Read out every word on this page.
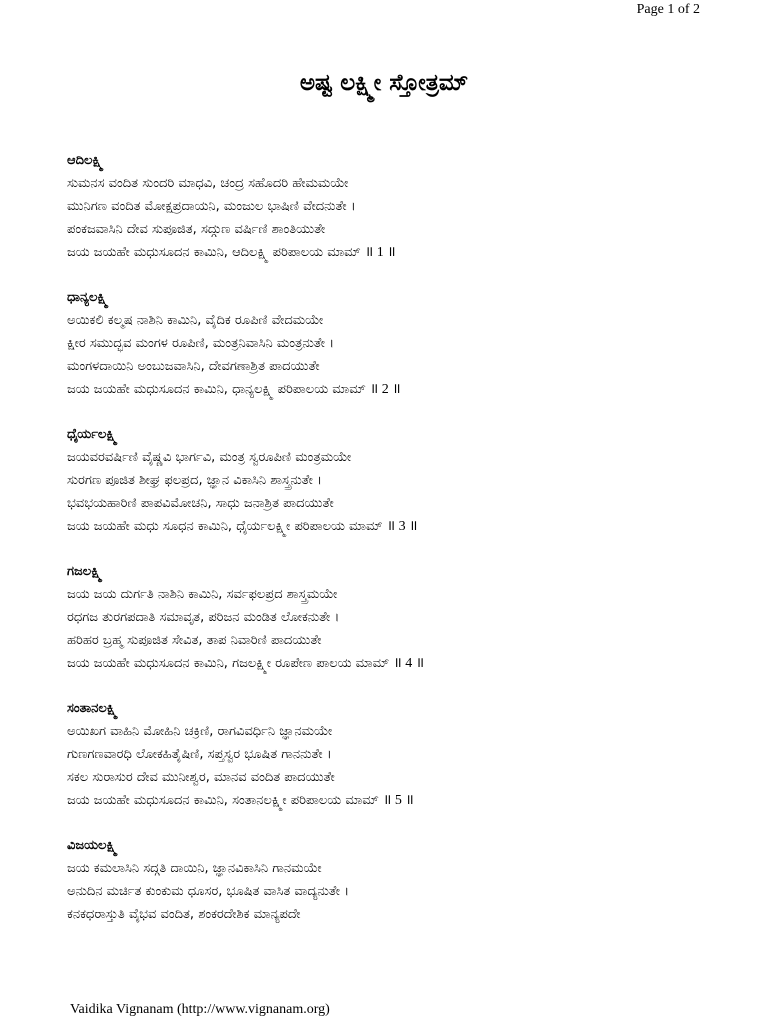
Page 1 of 2
ಅಷ್ಟ ಲಕ್ಷ್ಮೀ ಸ್ತೋತ್ರಮ್
ಆದಿಲಕ್ಷ್ಮಿ
ಸುಮನಸ ವಂದಿತ ಸುಂದರಿ ಮಾಧವಿ, ಚಂದ್ರ ಸಹೊದರಿ ಹೇಮಮಯೇ
ಮುನಿಗಣ ವಂದಿತ ಮೋಕ್ಷಪ್ರದಾಯನಿ, ಮಂಜುಲ ಭಾಷಿಣಿ ವೇದನುತೇ ।
ಪಂಕಜವಾಸಿನಿ ದೇವ ಸುಪೂಜಿತ, ಸದ್ಗುಣ ವರ್ಷಿಣಿ ಶಾಂತಿಯುತೇ
ಜಯ ಜಯಹೇ ಮಧುಸೂದನ ಕಾಮಿನಿ, ಆದಿಲಕ್ಷ್ಮಿ ಪರಿಪಾಲಯ ಮಾಮ್ ॥ 1 ॥
ಧಾನ್ಯಲಕ್ಷ್ಮಿ
ಅಯಿಕಲಿ ಕಲ್ಮಷ ನಾಶಿನಿ ಕಾಮಿನಿ, ವೈದಿಕ ರೂಪಿಣಿ ವೇದಮಯೇ
ಕ್ಷೀರ ಸಮುದ್ಭವ ಮಂಗಳ ರೂಪಿಣಿ, ಮಂತ್ರನಿವಾಸಿನಿ ಮಂತ್ರನುತೇ ।
ಮಂಗಳದಾಯಿನಿ ಅಂಬುಜವಾಸಿನಿ, ದೇವಗಣಾಶ್ರಿತ ಪಾದಯುತೇ
ಜಯ ಜಯಹೇ ಮಧುಸೂದನ ಕಾಮಿನಿ, ಧಾನ್ಯಲಕ್ಷ್ಮಿ ಪರಿಪಾಲಯ ಮಾಮ್ ॥ 2 ॥
ಧೈರ್ಯಲಕ್ಷ್ಮಿ
ಜಯವರವರ್ಷಿಣಿ ವೈಷ್ಣವಿ ಭಾರ್ಗವಿ, ಮಂತ್ರ ಸ್ವರೂಪಿಣಿ ಮಂತ್ರಮಯೇ
ಸುರಗಣ ಪೂಜಿತ ಶೀಘ್ರ ಫಲಪ್ರದ, ಜ್ಞಾನ ವಿಕಾಸಿನಿ ಶಾಸ್ತ್ರನುತೇ ।
ಭವಭಯಹಾರಿಣಿ ಪಾಪವಿಮೋಚನಿ, ಸಾಧು ಜನಾಶ್ರಿತ ಪಾದಯುತೇ
ಜಯ ಜಯಹೇ ಮಧು ಸೂಧನ ಕಾಮಿನಿ, ಧೈರ್ಯಲಕ್ಷ್ಮೀ ಪರಿಪಾಲಯ ಮಾಮ್ ॥ 3 ॥
ಗಜಲಕ್ಷ್ಮಿ
ಜಯ ಜಯ ದುರ್ಗತಿ ನಾಶಿನಿ ಕಾಮಿನಿ, ಸರ್ವಫಲಪ್ರದ ಶಾಸ್ತ್ರಮಯೇ
ರಧಗಜ ತುರಗಪದಾತಿ ಸಮಾವೃತ, ಪರಿಜನ ಮಂಡಿತ ಲೋಕನುತೇ ।
ಹರಿಹರ ಬ್ರಹ್ಮ ಸುಪೂಜಿತ ಸೇವಿತ, ತಾಪ ನಿವಾರಿಣಿ ಪಾದಯುತೇ
ಜಯ ಜಯಹೇ ಮಧುಸೂದನ ಕಾಮಿನಿ, ಗಜಲಕ್ಷ್ಮೀ ರೂಪೇಣ ಪಾಲಯ ಮಾಮ್ ॥ 4 ॥
ಸಂತಾನಲಕ್ಷ್ಮಿ
ಅಯಿಖಗ ವಾಹಿನಿ ಮೋಹಿನಿ ಚಕ್ರಿಣಿ, ರಾಗವಿವರ್ಧಿನಿ ಜ್ಞಾನಮಯೇ
ಗುಣಗಣವಾರಧಿ ಲೋಕಹಿತೈಷಿಣಿ, ಸಪ್ತಸ್ವರ ಭೂಷಿತ ಗಾನನುತೇ ।
ಸಕಲ ಸುರಾಸುರ ದೇವ ಮುನೀಶ್ವರ, ಮಾನವ ವಂದಿತ ಪಾದಯುತೇ
ಜಯ ಜಯಹೇ ಮಧುಸೂದನ ಕಾಮಿನಿ, ಸಂತಾನಲಕ್ಷ್ಮೀ ಪರಿಪಾಲಯ ಮಾಮ್ ॥ 5 ॥
ವಿಜಯಲಕ್ಷ್ಮಿ
ಜಯ ಕಮಲಾಸಿನಿ ಸದ್ಗತಿ ದಾಯಿನಿ, ಜ್ಞಾನವಿಕಾಸಿನಿ ಗಾನಮಯೇ
ಅನುದಿನ ಮರ್ಚಿತ ಕುಂಕುಮ ಧೂಸರ, ಭೂಷಿತ ವಾಸಿತ ವಾದ್ಯನುತೇ ।
ಕನಕಧರಾಸ್ತುತಿ ವೈಭವ ವಂದಿತ, ಶಂಕರದೇಶಿಕ ಮಾನ್ಯಪದೇ
Vaidika Vignanam (http://www.vignanam.org)
